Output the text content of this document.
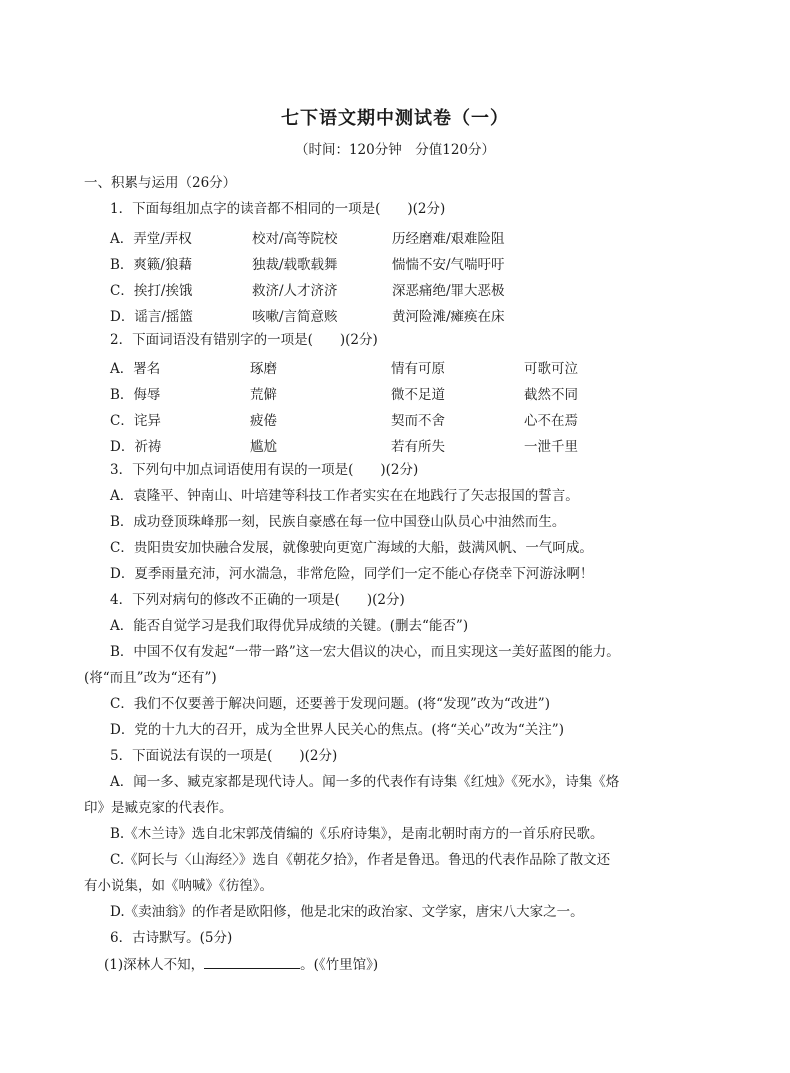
七下语文期中测试卷（一）
（时间：120分钟　分值120分）
一、积累与运用（26分）
1．下面每组加点字的读音都不相同的一项是(　　)(2分)
A．弄堂/弄权	校对/高等院校	历经磨难/艰难险阻
B．爽籁/狼藉	独裁/载歌载舞	惴惴不安/气喘吁吁
C．挨打/挨饿	救济/人才济济	深恶痛绝/罪大恶极
D．谣言/摇篮	咳嗽/言简意赅	黄河险滩/瘫痪在床
2．下面词语没有错别字的一项是(　　)(2分)
A．署名	琢磨	情有可原	可歌可泣
B．侮辱	荒僻	微不足道	截然不同
C．诧异	疲倦	契而不舍	心不在焉
D．祈祷	尴尬	若有所失	一泄千里
3．下列句中加点词语使用有误的一项是(　　)(2分)
A．袁隆平、钟南山、叶培建等科技工作者实实在在地践行了矢志报国的誓言。
B．成功登顶珠峰那一刻，民族自豪感在每一位中国登山队员心中油然而生。
C．贵阳贵安加快融合发展，就像驶向更宽广海域的大船，鼓满风帆、一气呵成。
D．夏季雨量充沛，河水湍急，非常危险，同学们一定不能心存侥幸下河游泳啊！
4．下列对病句的修改不正确的一项是(　　)(2分)
A．能否自觉学习是我们取得优异成绩的关键。(删去“能否”)
B．中国不仅有发起“一带一路”这一宏大倡议的决心，而且实现这一美好蓝图的能力。
(将“而且”改为“还有”)
C．我们不仅要善于解决问题，还要善于发现问题。(将“发现”改为“改进”)
D．党的十九大的召开，成为全世界人民关心的焦点。(将“关心”改为“关注”)
5．下面说法有误的一项是(　　)(2分)
A．闻一多、臧克家都是现代诗人。闻一多的代表作有诗集《红烛》《死水》，诗集《烙
印》是臧克家的代表作。
B.《木兰诗》选自北宋郭茂倩编的《乐府诗集》，是南北朝时南方的一首乐府民歌。
C.《阿长与〈山海经〉》选自《朝花夕拾》，作者是鲁迅。鲁迅的代表作品除了散文还
有小说集，如《呐喊》《彷徨》。
D.《卖油翁》的作者是欧阳修，他是北宋的政治家、文学家，唐宋八大家之一。
6．古诗默写。(5分)
(1)深林人不知，	。(《竹里馆》)
